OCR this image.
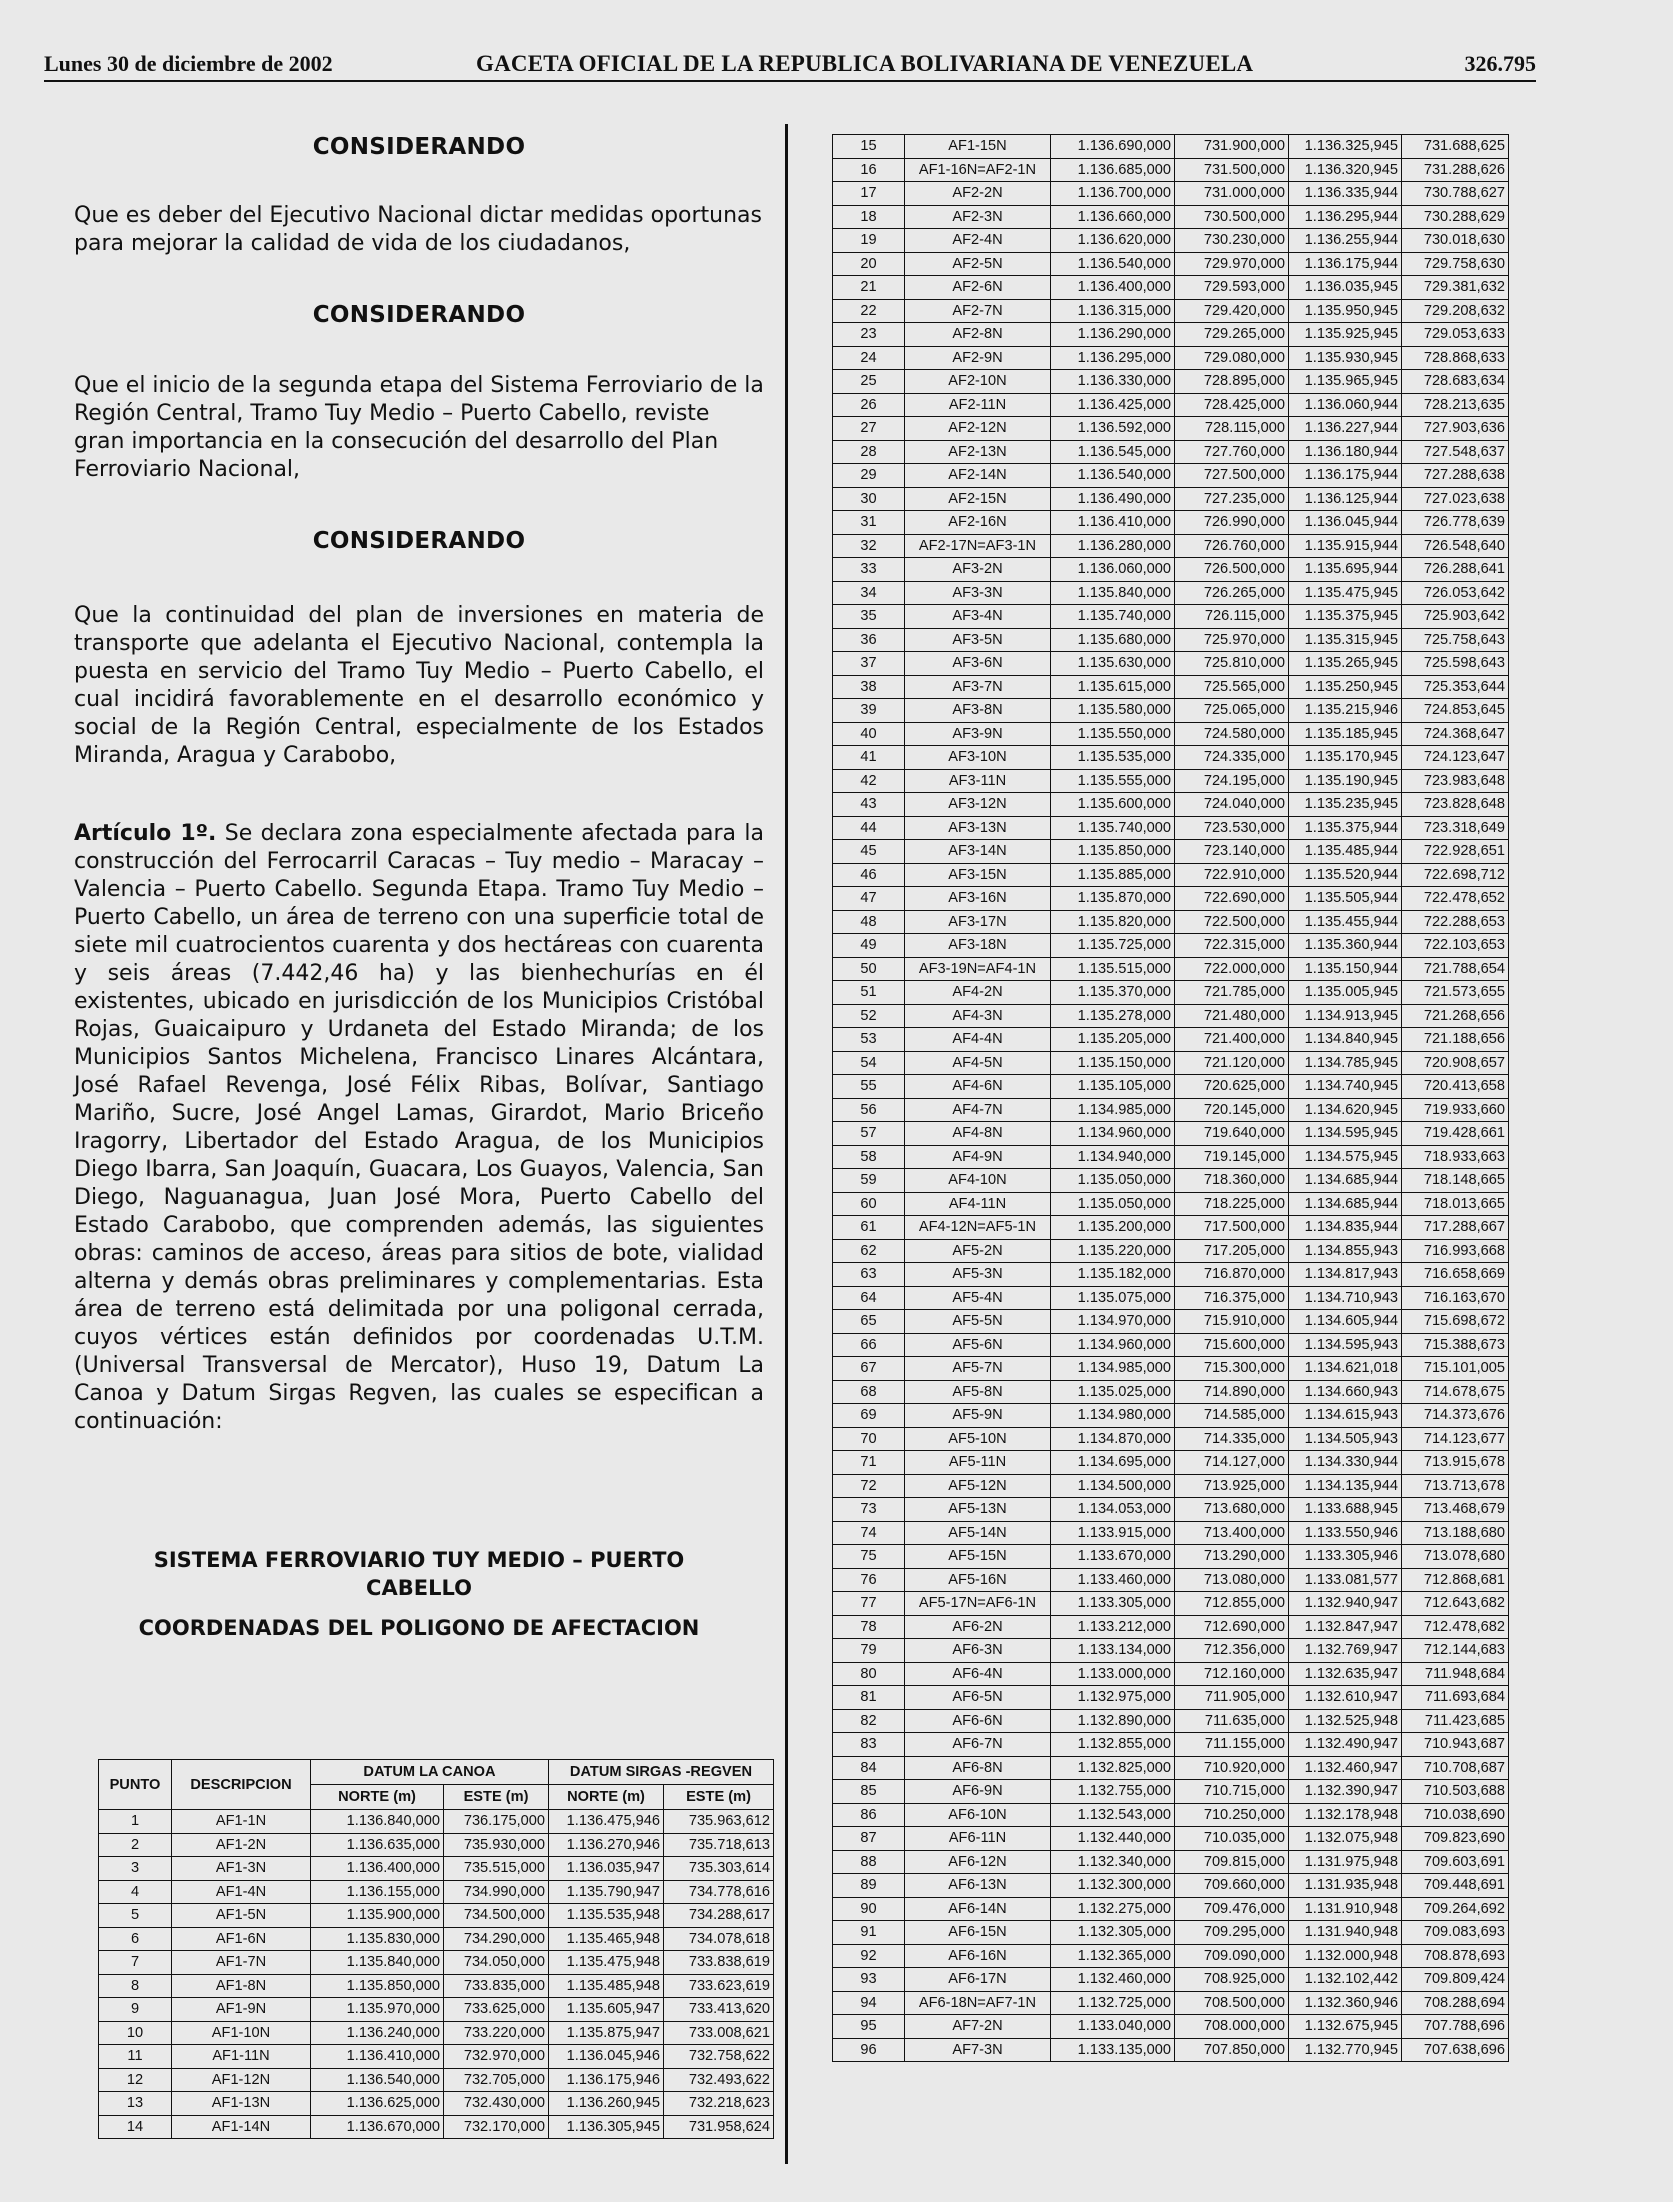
Lunes 30 de diciembre de 2002	GACETA OFICIAL DE LA REPUBLICA BOLIVARIANA DE VENEZUELA	326.795
CONSIDERANDO
Que es deber del Ejecutivo Nacional dictar medidas oportunas para mejorar la calidad de vida de los ciudadanos,
CONSIDERANDO
Que el inicio de la segunda etapa del Sistema Ferroviario de la Región Central, Tramo Tuy Medio – Puerto Cabello, reviste gran importancia en la consecución del desarrollo del Plan Ferroviario Nacional,
CONSIDERANDO
Que la continuidad del plan de inversiones en materia de transporte que adelanta el Ejecutivo Nacional, contempla la puesta en servicio del Tramo Tuy Medio – Puerto Cabello, el cual incidirá favorablemente en el desarrollo económico y social de la Región Central, especialmente de los Estados Miranda, Aragua y Carabobo,
Artículo 1º. Se declara zona especialmente afectada para la construcción del Ferrocarril Caracas – Tuy medio – Maracay – Valencia – Puerto Cabello. Segunda Etapa. Tramo Tuy Medio – Puerto Cabello, un área de terreno con una superficie total de siete mil cuatrocientos cuarenta y dos hectáreas con cuarenta y seis áreas (7.442,46 ha) y las bienhechurías en él existentes, ubicado en jurisdicción de los Municipios Cristóbal Rojas, Guaicaipuro y Urdaneta del Estado Miranda; de los Municipios Santos Michelena, Francisco Linares Alcántara, José Rafael Revenga, José Félix Ribas, Bolívar, Santiago Mariño, Sucre, José Angel Lamas, Girardot, Mario Briceño Iragorry, Libertador del Estado Aragua, de los Municipios Diego Ibarra, San Joaquín, Guacara, Los Guayos, Valencia, San Diego, Naguanagua, Juan José Mora, Puerto Cabello del Estado Carabobo, que comprenden además, las siguientes obras: caminos de acceso, áreas para sitios de bote, vialidad alterna y demás obras preliminares y complementarias. Esta área de terreno está delimitada por una poligonal cerrada, cuyos vértices están definidos por coordenadas U.T.M. (Universal Transversal de Mercator), Huso 19, Datum La Canoa y Datum Sirgas Regven, las cuales se especifican a continuación:
SISTEMA FERROVIARIO TUY MEDIO – PUERTO
CABELLO
COORDENADAS DEL POLIGONO DE AFECTACION
PUNTO	DESCRIPCION	DATUM LA CANOA		DATUM SIRGAS -REGVEN	
		NORTE (m)	ESTE (m)	NORTE (m)	ESTE (m)
1	AF1-1N	1.136.840,000	736.175,000	1.136.475,946	735.963,612
2	AF1-2N	1.136.635,000	735.930,000	1.136.270,946	735.718,613
3	AF1-3N	1.136.400,000	735.515,000	1.136.035,947	735.303,614
4	AF1-4N	1.136.155,000	734.990,000	1.135.790,947	734.778,616
5	AF1-5N	1.135.900,000	734.500,000	1.135.535,948	734.288,617
6	AF1-6N	1.135.830,000	734.290,000	1.135.465,948	734.078,618
7	AF1-7N	1.135.840,000	734.050,000	1.135.475,948	733.838,619
8	AF1-8N	1.135.850,000	733.835,000	1.135.485,948	733.623,619
9	AF1-9N	1.135.970,000	733.625,000	1.135.605,947	733.413,620
10	AF1-10N	1.136.240,000	733.220,000	1.135.875,947	733.008,621
11	AF1-11N	1.136.410,000	732.970,000	1.136.045,946	732.758,622
12	AF1-12N	1.136.540,000	732.705,000	1.136.175,946	732.493,622
13	AF1-13N	1.136.625,000	732.430,000	1.136.260,945	732.218,623
14	AF1-14N	1.136.670,000	732.170,000	1.136.305,945	731.958,624
15	AF1-15N	1.136.690,000	731.900,000	1.136.325,945	731.688,625
16	AF1-16N=AF2-1N	1.136.685,000	731.500,000	1.136.320,945	731.288,626
17	AF2-2N	1.136.700,000	731.000,000	1.136.335,944	730.788,627
18	AF2-3N	1.136.660,000	730.500,000	1.136.295,944	730.288,629
19	AF2-4N	1.136.620,000	730.230,000	1.136.255,944	730.018,630
20	AF2-5N	1.136.540,000	729.970,000	1.136.175,944	729.758,630
21	AF2-6N	1.136.400,000	729.593,000	1.136.035,945	729.381,632
22	AF2-7N	1.136.315,000	729.420,000	1.135.950,945	729.208,632
23	AF2-8N	1.136.290,000	729.265,000	1.135.925,945	729.053,633
24	AF2-9N	1.136.295,000	729.080,000	1.135.930,945	728.868,633
25	AF2-10N	1.136.330,000	728.895,000	1.135.965,945	728.683,634
26	AF2-11N	1.136.425,000	728.425,000	1.136.060,944	728.213,635
27	AF2-12N	1.136.592,000	728.115,000	1.136.227,944	727.903,636
28	AF2-13N	1.136.545,000	727.760,000	1.136.180,944	727.548,637
29	AF2-14N	1.136.540,000	727.500,000	1.136.175,944	727.288,638
30	AF2-15N	1.136.490,000	727.235,000	1.136.125,944	727.023,638
31	AF2-16N	1.136.410,000	726.990,000	1.136.045,944	726.778,639
32	AF2-17N=AF3-1N	1.136.280,000	726.760,000	1.135.915,944	726.548,640
33	AF3-2N	1.136.060,000	726.500,000	1.135.695,944	726.288,641
34	AF3-3N	1.135.840,000	726.265,000	1.135.475,945	726.053,642
35	AF3-4N	1.135.740,000	726.115,000	1.135.375,945	725.903,642
36	AF3-5N	1.135.680,000	725.970,000	1.135.315,945	725.758,643
37	AF3-6N	1.135.630,000	725.810,000	1.135.265,945	725.598,643
38	AF3-7N	1.135.615,000	725.565,000	1.135.250,945	725.353,644
39	AF3-8N	1.135.580,000	725.065,000	1.135.215,946	724.853,645
40	AF3-9N	1.135.550,000	724.580,000	1.135.185,945	724.368,647
41	AF3-10N	1.135.535,000	724.335,000	1.135.170,945	724.123,647
42	AF3-11N	1.135.555,000	724.195,000	1.135.190,945	723.983,648
43	AF3-12N	1.135.600,000	724.040,000	1.135.235,945	723.828,648
44	AF3-13N	1.135.740,000	723.530,000	1.135.375,944	723.318,649
45	AF3-14N	1.135.850,000	723.140,000	1.135.485,944	722.928,651
46	AF3-15N	1.135.885,000	722.910,000	1.135.520,944	722.698,712
47	AF3-16N	1.135.870,000	722.690,000	1.135.505,944	722.478,652
48	AF3-17N	1.135.820,000	722.500,000	1.135.455,944	722.288,653
49	AF3-18N	1.135.725,000	722.315,000	1.135.360,944	722.103,653
50	AF3-19N=AF4-1N	1.135.515,000	722.000,000	1.135.150,944	721.788,654
51	AF4-2N	1.135.370,000	721.785,000	1.135.005,945	721.573,655
52	AF4-3N	1.135.278,000	721.480,000	1.134.913,945	721.268,656
53	AF4-4N	1.135.205,000	721.400,000	1.134.840,945	721.188,656
54	AF4-5N	1.135.150,000	721.120,000	1.134.785,945	720.908,657
55	AF4-6N	1.135.105,000	720.625,000	1.134.740,945	720.413,658
56	AF4-7N	1.134.985,000	720.145,000	1.134.620,945	719.933,660
57	AF4-8N	1.134.960,000	719.640,000	1.134.595,945	719.428,661
58	AF4-9N	1.134.940,000	719.145,000	1.134.575,945	718.933,663
59	AF4-10N	1.135.050,000	718.360,000	1.134.685,944	718.148,665
60	AF4-11N	1.135.050,000	718.225,000	1.134.685,944	718.013,665
61	AF4-12N=AF5-1N	1.135.200,000	717.500,000	1.134.835,944	717.288,667
62	AF5-2N	1.135.220,000	717.205,000	1.134.855,943	716.993,668
63	AF5-3N	1.135.182,000	716.870,000	1.134.817,943	716.658,669
64	AF5-4N	1.135.075,000	716.375,000	1.134.710,943	716.163,670
65	AF5-5N	1.134.970,000	715.910,000	1.134.605,944	715.698,672
66	AF5-6N	1.134.960,000	715.600,000	1.134.595,943	715.388,673
67	AF5-7N	1.134.985,000	715.300,000	1.134.621,018	715.101,005
68	AF5-8N	1.135.025,000	714.890,000	1.134.660,943	714.678,675
69	AF5-9N	1.134.980,000	714.585,000	1.134.615,943	714.373,676
70	AF5-10N	1.134.870,000	714.335,000	1.134.505,943	714.123,677
71	AF5-11N	1.134.695,000	714.127,000	1.134.330,944	713.915,678
72	AF5-12N	1.134.500,000	713.925,000	1.134.135,944	713.713,678
73	AF5-13N	1.134.053,000	713.680,000	1.133.688,945	713.468,679
74	AF5-14N	1.133.915,000	713.400,000	1.133.550,946	713.188,680
75	AF5-15N	1.133.670,000	713.290,000	1.133.305,946	713.078,680
76	AF5-16N	1.133.460,000	713.080,000	1.133.081,577	712.868,681
77	AF5-17N=AF6-1N	1.133.305,000	712.855,000	1.132.940,947	712.643,682
78	AF6-2N	1.133.212,000	712.690,000	1.132.847,947	712.478,682
79	AF6-3N	1.133.134,000	712.356,000	1.132.769,947	712.144,683
80	AF6-4N	1.133.000,000	712.160,000	1.132.635,947	711.948,684
81	AF6-5N	1.132.975,000	711.905,000	1.132.610,947	711.693,684
82	AF6-6N	1.132.890,000	711.635,000	1.132.525,948	711.423,685
83	AF6-7N	1.132.855,000	711.155,000	1.132.490,947	710.943,687
84	AF6-8N	1.132.825,000	710.920,000	1.132.460,947	710.708,687
85	AF6-9N	1.132.755,000	710.715,000	1.132.390,947	710.503,688
86	AF6-10N	1.132.543,000	710.250,000	1.132.178,948	710.038,690
87	AF6-11N	1.132.440,000	710.035,000	1.132.075,948	709.823,690
88	AF6-12N	1.132.340,000	709.815,000	1.131.975,948	709.603,691
89	AF6-13N	1.132.300,000	709.660,000	1.131.935,948	709.448,691
90	AF6-14N	1.132.275,000	709.476,000	1.131.910,948	709.264,692
91	AF6-15N	1.132.305,000	709.295,000	1.131.940,948	709.083,693
92	AF6-16N	1.132.365,000	709.090,000	1.132.000,948	708.878,693
93	AF6-17N	1.132.460,000	708.925,000	1.132.102,442	709.809,424
94	AF6-18N=AF7-1N	1.132.725,000	708.500,000	1.132.360,946	708.288,694
95	AF7-2N	1.133.040,000	708.000,000	1.132.675,945	707.788,696
96	AF7-3N	1.133.135,000	707.850,000	1.132.770,945	707.638,696
